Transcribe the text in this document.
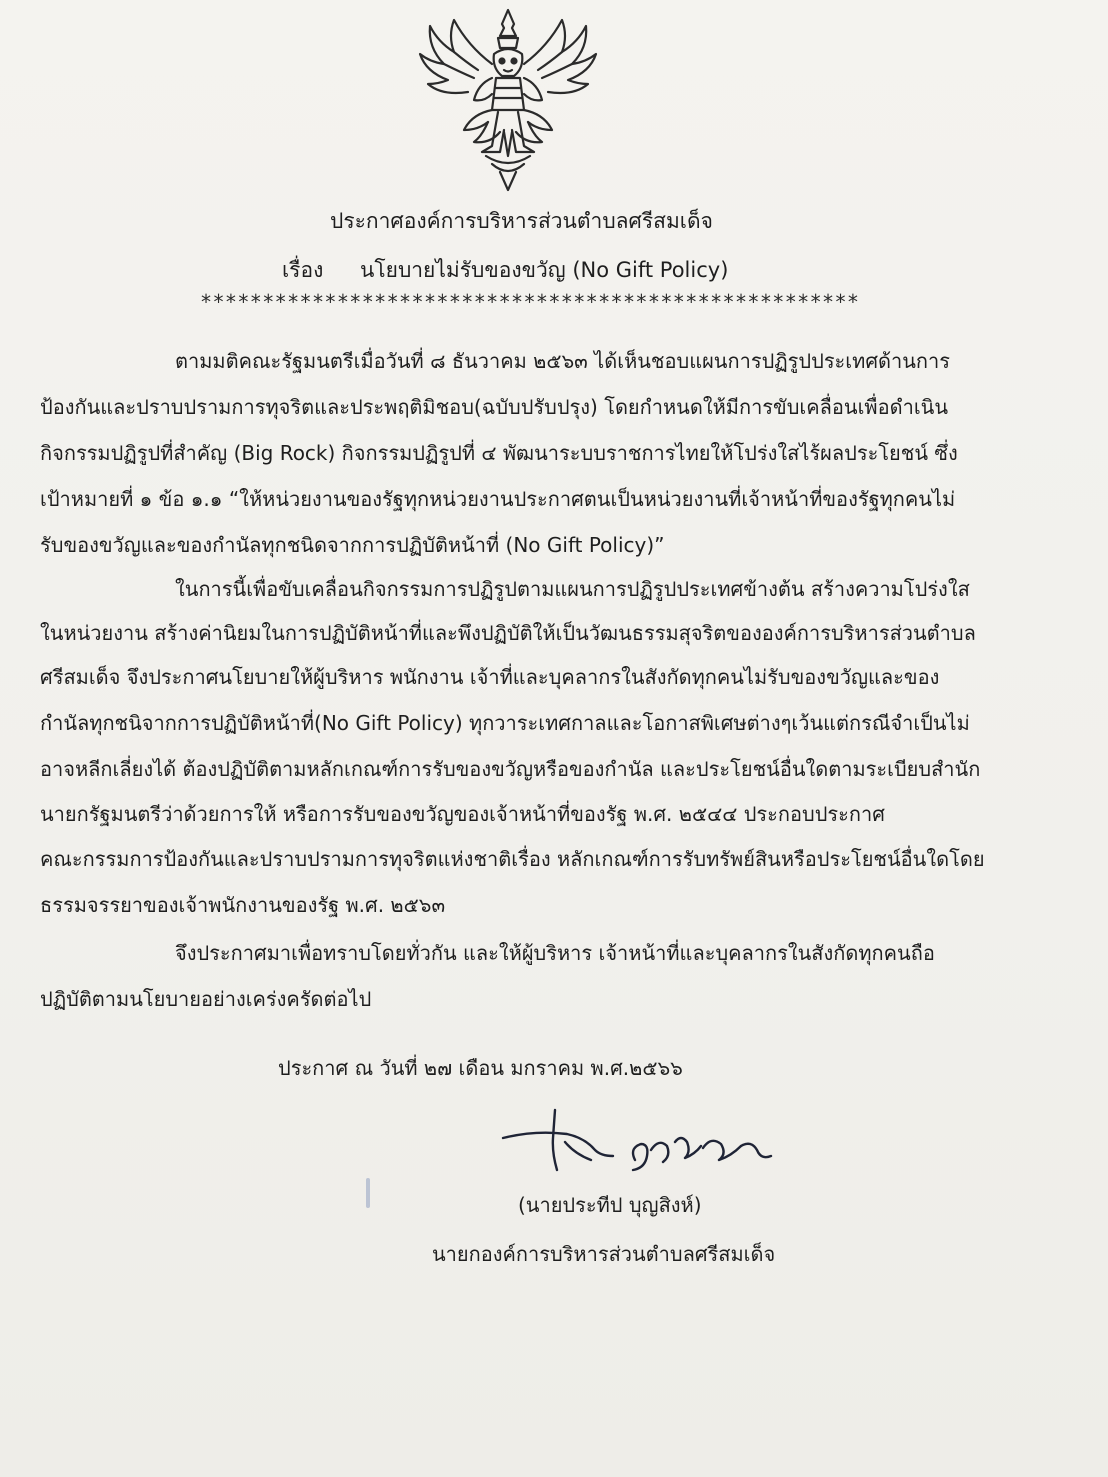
ประกาศองค์การบริหารส่วนตำบลศรีสมเด็จ
เรื่อง นโยบายไม่รับของขวัญ (No Gift Policy)
*****************************************************
ตามมติคณะรัฐมนตรีเมื่อวันที่ ๘ ธันวาคม ๒๕๖๓ ได้เห็นชอบแผนการปฏิรูปประเทศด้านการ
ป้องกันและปราบปรามการทุจริตและประพฤติมิชอบ(ฉบับปรับปรุง) โดยกำหนดให้มีการขับเคลื่อนเพื่อดำเนิน
กิจกรรมปฏิรูปที่สำคัญ (Big Rock) กิจกรรมปฏิรูปที่ ๔ พัฒนาระบบราชการไทยให้โปร่งใสไร้ผลประโยชน์ ซึ่ง
เป้าหมายที่ ๑ ข้อ ๑.๑ “ให้หน่วยงานของรัฐทุกหน่วยงานประกาศตนเป็นหน่วยงานที่เจ้าหน้าที่ของรัฐทุกคนไม่
รับของขวัญและของกำนัลทุกชนิดจากการปฏิบัติหน้าที่ (No Gift Policy)”
ในการนี้เพื่อขับเคลื่อนกิจกรรมการปฏิรูปตามแผนการปฏิรูปประเทศข้างต้น สร้างความโปร่งใส
ในหน่วยงาน สร้างค่านิยมในการปฏิบัติหน้าที่และพึงปฏิบัติให้เป็นวัฒนธรรมสุจริตขององค์การบริหารส่วนตำบล
ศรีสมเด็จ จึงประกาศนโยบายให้ผู้บริหาร พนักงาน เจ้าที่และบุคลากรในสังกัดทุกคนไม่รับของขวัญและของ
กำนัลทุกชนิจากการปฏิบัติหน้าที่(No Gift Policy) ทุกวาระเทศกาลและโอกาสพิเศษต่างๆเว้นแต่กรณีจำเป็นไม่
อาจหลีกเลี่ยงได้ ต้องปฏิบัติตามหลักเกณฑ์การรับของขวัญหรือของกำนัล และประโยชน์อื่นใดตามระเบียบสำนัก
นายกรัฐมนตรีว่าด้วยการให้ หรือการรับของขวัญของเจ้าหน้าที่ของรัฐ พ.ศ. ๒๕๔๔ ประกอบประกาศ
คณะกรรมการป้องกันและปราบปรามการทุจริตแห่งชาติเรื่อง หลักเกณฑ์การรับทรัพย์สินหรือประโยชน์อื่นใดโดย
ธรรมจรรยาของเจ้าพนักงานของรัฐ พ.ศ. ๒๕๖๓
จึงประกาศมาเพื่อทราบโดยทั่วกัน และให้ผู้บริหาร เจ้าหน้าที่และบุคลากรในสังกัดทุกคนถือ
ปฏิบัติตามนโยบายอย่างเคร่งครัดต่อไป
ประกาศ ณ วันที่ ๒๗ เดือน มกราคม พ.ศ.๒๕๖๖
(นายประทีป บุญสิงห์)
นายกองค์การบริหารส่วนตำบลศรีสมเด็จ
